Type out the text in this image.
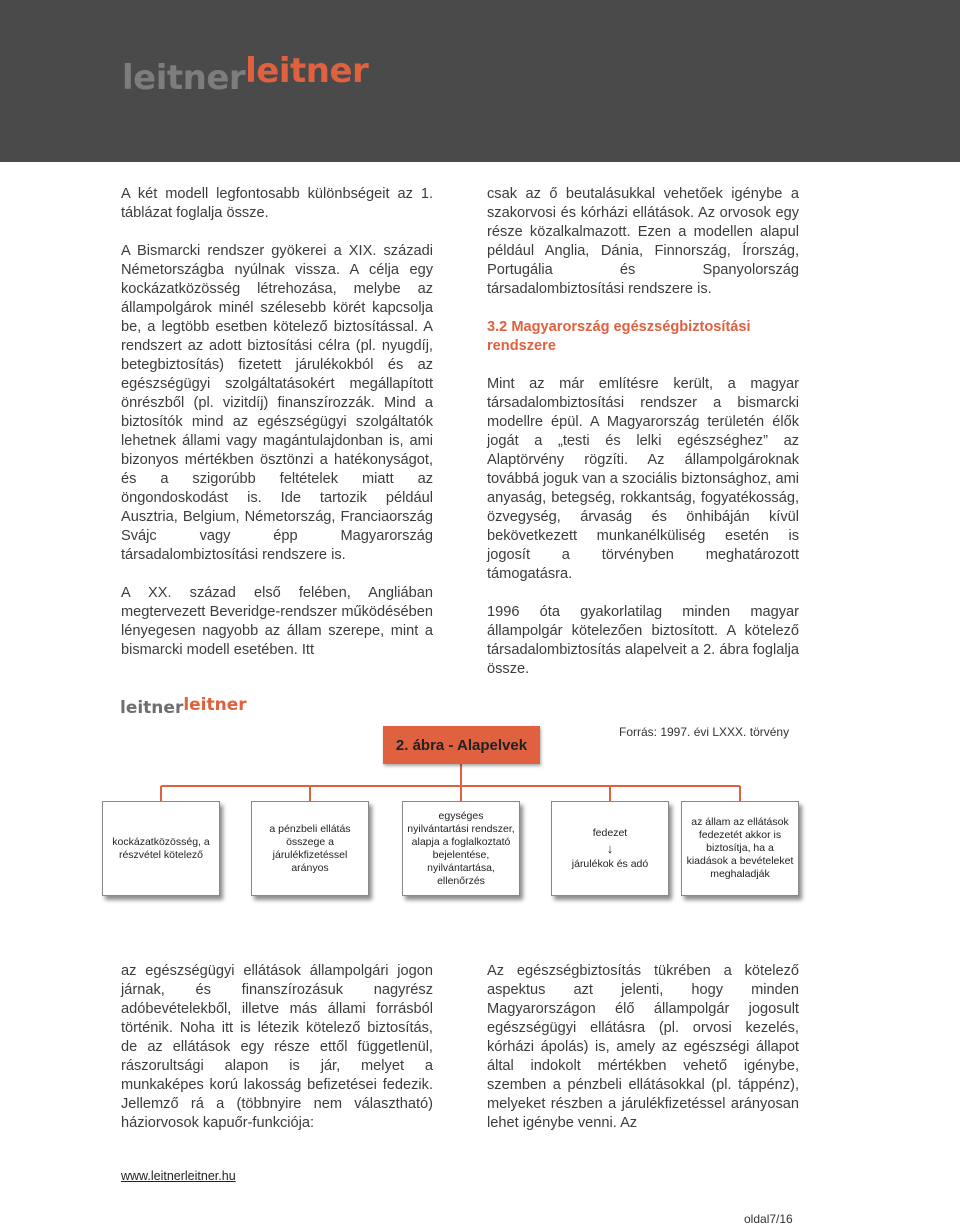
leitnerleitner

A két modell legfontosabb különbségeit az 1. táblázat foglalja össze.

A Bismarcki rendszer gyökerei a XIX. századi Németországba nyúlnak vissza. A célja egy kockázatközösség létrehozása, melybe az állampolgárok minél szélesebb körét kapcsolja be, a legtöbb esetben kötelező biztosítással. A rendszert az adott biztosítási célra (pl. nyugdíj, betegbiztosítás) fizetett járulékokból és az egészségügyi szolgáltatásokért megállapított önrészből (pl. vizitdíj) finanszírozzák. Mind a biztosítók mind az egészségügyi szolgáltatók lehetnek állami vagy magántulajdonban is, ami bizonyos mértékben ösztönzi a hatékonyságot, és a szigorúbb feltételek miatt az öngondoskodást is. Ide tartozik például Ausztria, Belgium, Németország, Franciaország Svájc vagy épp Magyarország társadalombiztosítási rendszere is.

A XX. század első felében, Angliában megtervezett Beveridge-rendszer működésében lényegesen nagyobb az állam szerepe, mint a bismarcki modell esetében. Itt

csak az ő beutalásukkal vehetőek igénybe a szakorvosi és kórházi ellátások. Az orvosok egy része közalkalmazott. Ezen a modellen alapul például Anglia, Dánia, Finnország, Írország, Portugália és Spanyolország társadalombiztosítási rendszere is.

3.2 Magyarország egészségbiztosítási rendszere

Mint az már említésre került, a magyar társadalombiztosítási rendszer a bismarcki modellre épül. A Magyarország területén élők jogát a „testi és lelki egészséghez” az Alaptörvény rögzíti. Az állampolgároknak továbbá joguk van a szociális biztonsághoz, ami anyaság, betegség, rokkantság, fogyatékosság, özvegység, árvaság és önhibáján kívül bekövetkezett munkanélküliség esetén is jogosít a törvényben meghatározott támogatásra.

1996 óta gyakorlatilag minden magyar állampolgár kötelezően biztosított. A kötelező társadalombiztosítás alapelveit a 2. ábra foglalja össze.

leitnerleitner
Forrás: 1997. évi LXXX. törvény
2. ábra - Alapelvek
kockázatközösség, a részvétel kötelező
a pénzbeli ellátás összege a járulékfizetéssel arányos
egységes nyilvántartási rendszer, alapja a foglalkoztató bejelentése, nyilvántartása, ellenőrzés
fedezet
↓
járulékok és adó
az állam az ellátások fedezetét akkor is biztosítja, ha a kiadások a bevételeket meghaladják

az egészségügyi ellátások állampolgári jogon járnak, és finanszírozásuk nagyrész adóbevételekből, illetve más állami forrásból történik. Noha itt is létezik kötelező biztosítás, de az ellátások egy része ettől függetlenül, rászorultsági alapon is jár, melyet a munkaképes korú lakosság befizetései fedezik. Jellemző rá a (többnyire nem választható) háziorvosok kapuőr-funkciója:

Az egészségbiztosítás tükrében a kötelező aspektus azt jelenti, hogy minden Magyarországon élő állampolgár jogosult egészségügyi ellátásra (pl. orvosi kezelés, kórházi ápolás) is, amely az egészségi állapot által indokolt mértékben vehető igénybe, szemben a pénzbeli ellátásokkal (pl. táppénz), melyeket részben a járulékfizetéssel arányosan lehet igénybe venni. Az

www.leitnerleitner.hu
oldal7/16
